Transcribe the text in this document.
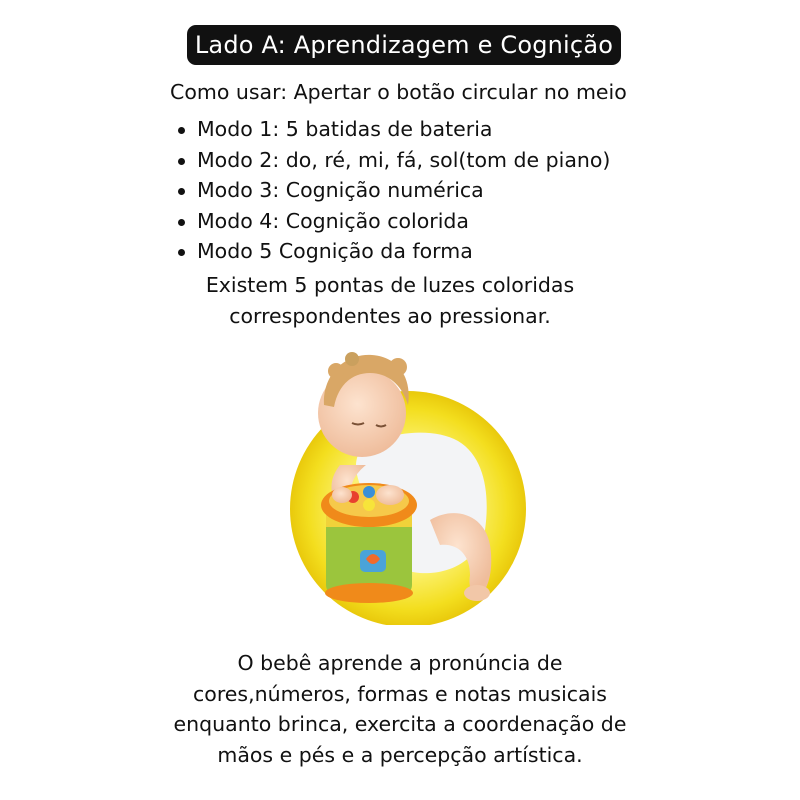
Lado A: Aprendizagem e Cognição
Como usar: Apertar o botão circular no meio
Modo 1: 5 batidas de bateria
Modo 2: do, ré, mi, fá, sol(tom de piano)
Modo 3: Cognição numérica
Modo 4: Cognição colorida
Modo 5 Cognição da forma
Existem 5 pontas de luzes coloridas
correspondentes ao pressionar.
O bebê aprende a pronúncia de
cores,números, formas e notas musicais
enquanto brinca, exercita a coordenação de
mãos e pés e a percepção artística.
